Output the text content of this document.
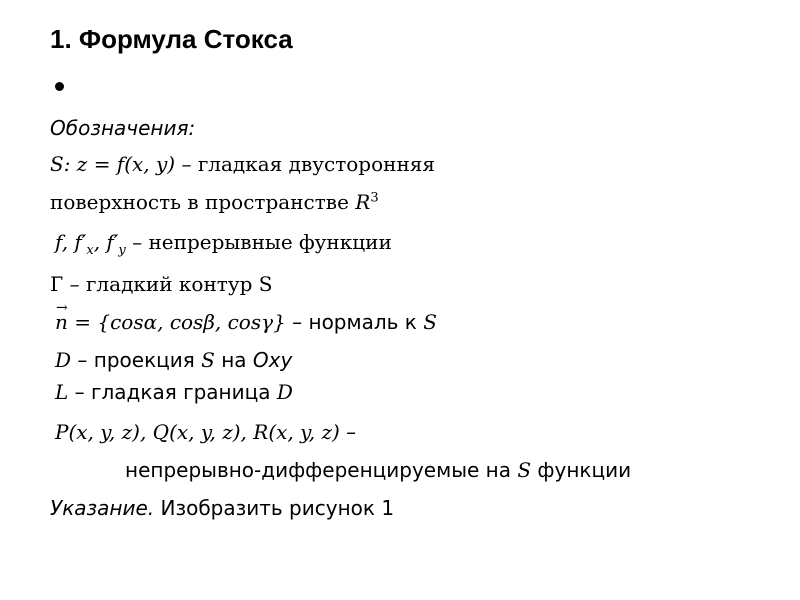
1. Формула Стокса
Обозначения:
S: z = f(x, y) – гладкая двусторонняя
поверхность в пространстве $R^3$
f, $f'_x$, $f'_y$ – непрерывные функции
Г – гладкий контур S
→ n = {cosα, cosβ, cosγ} – нормаль к S
D – проекция S на Oxy
L – гладкая граница D
P(x, y, z), Q(x, y, z), R(x, y, z) –
непрерывно-дифференцируемые на S функции
Указание. Изобразить рисунок 1
